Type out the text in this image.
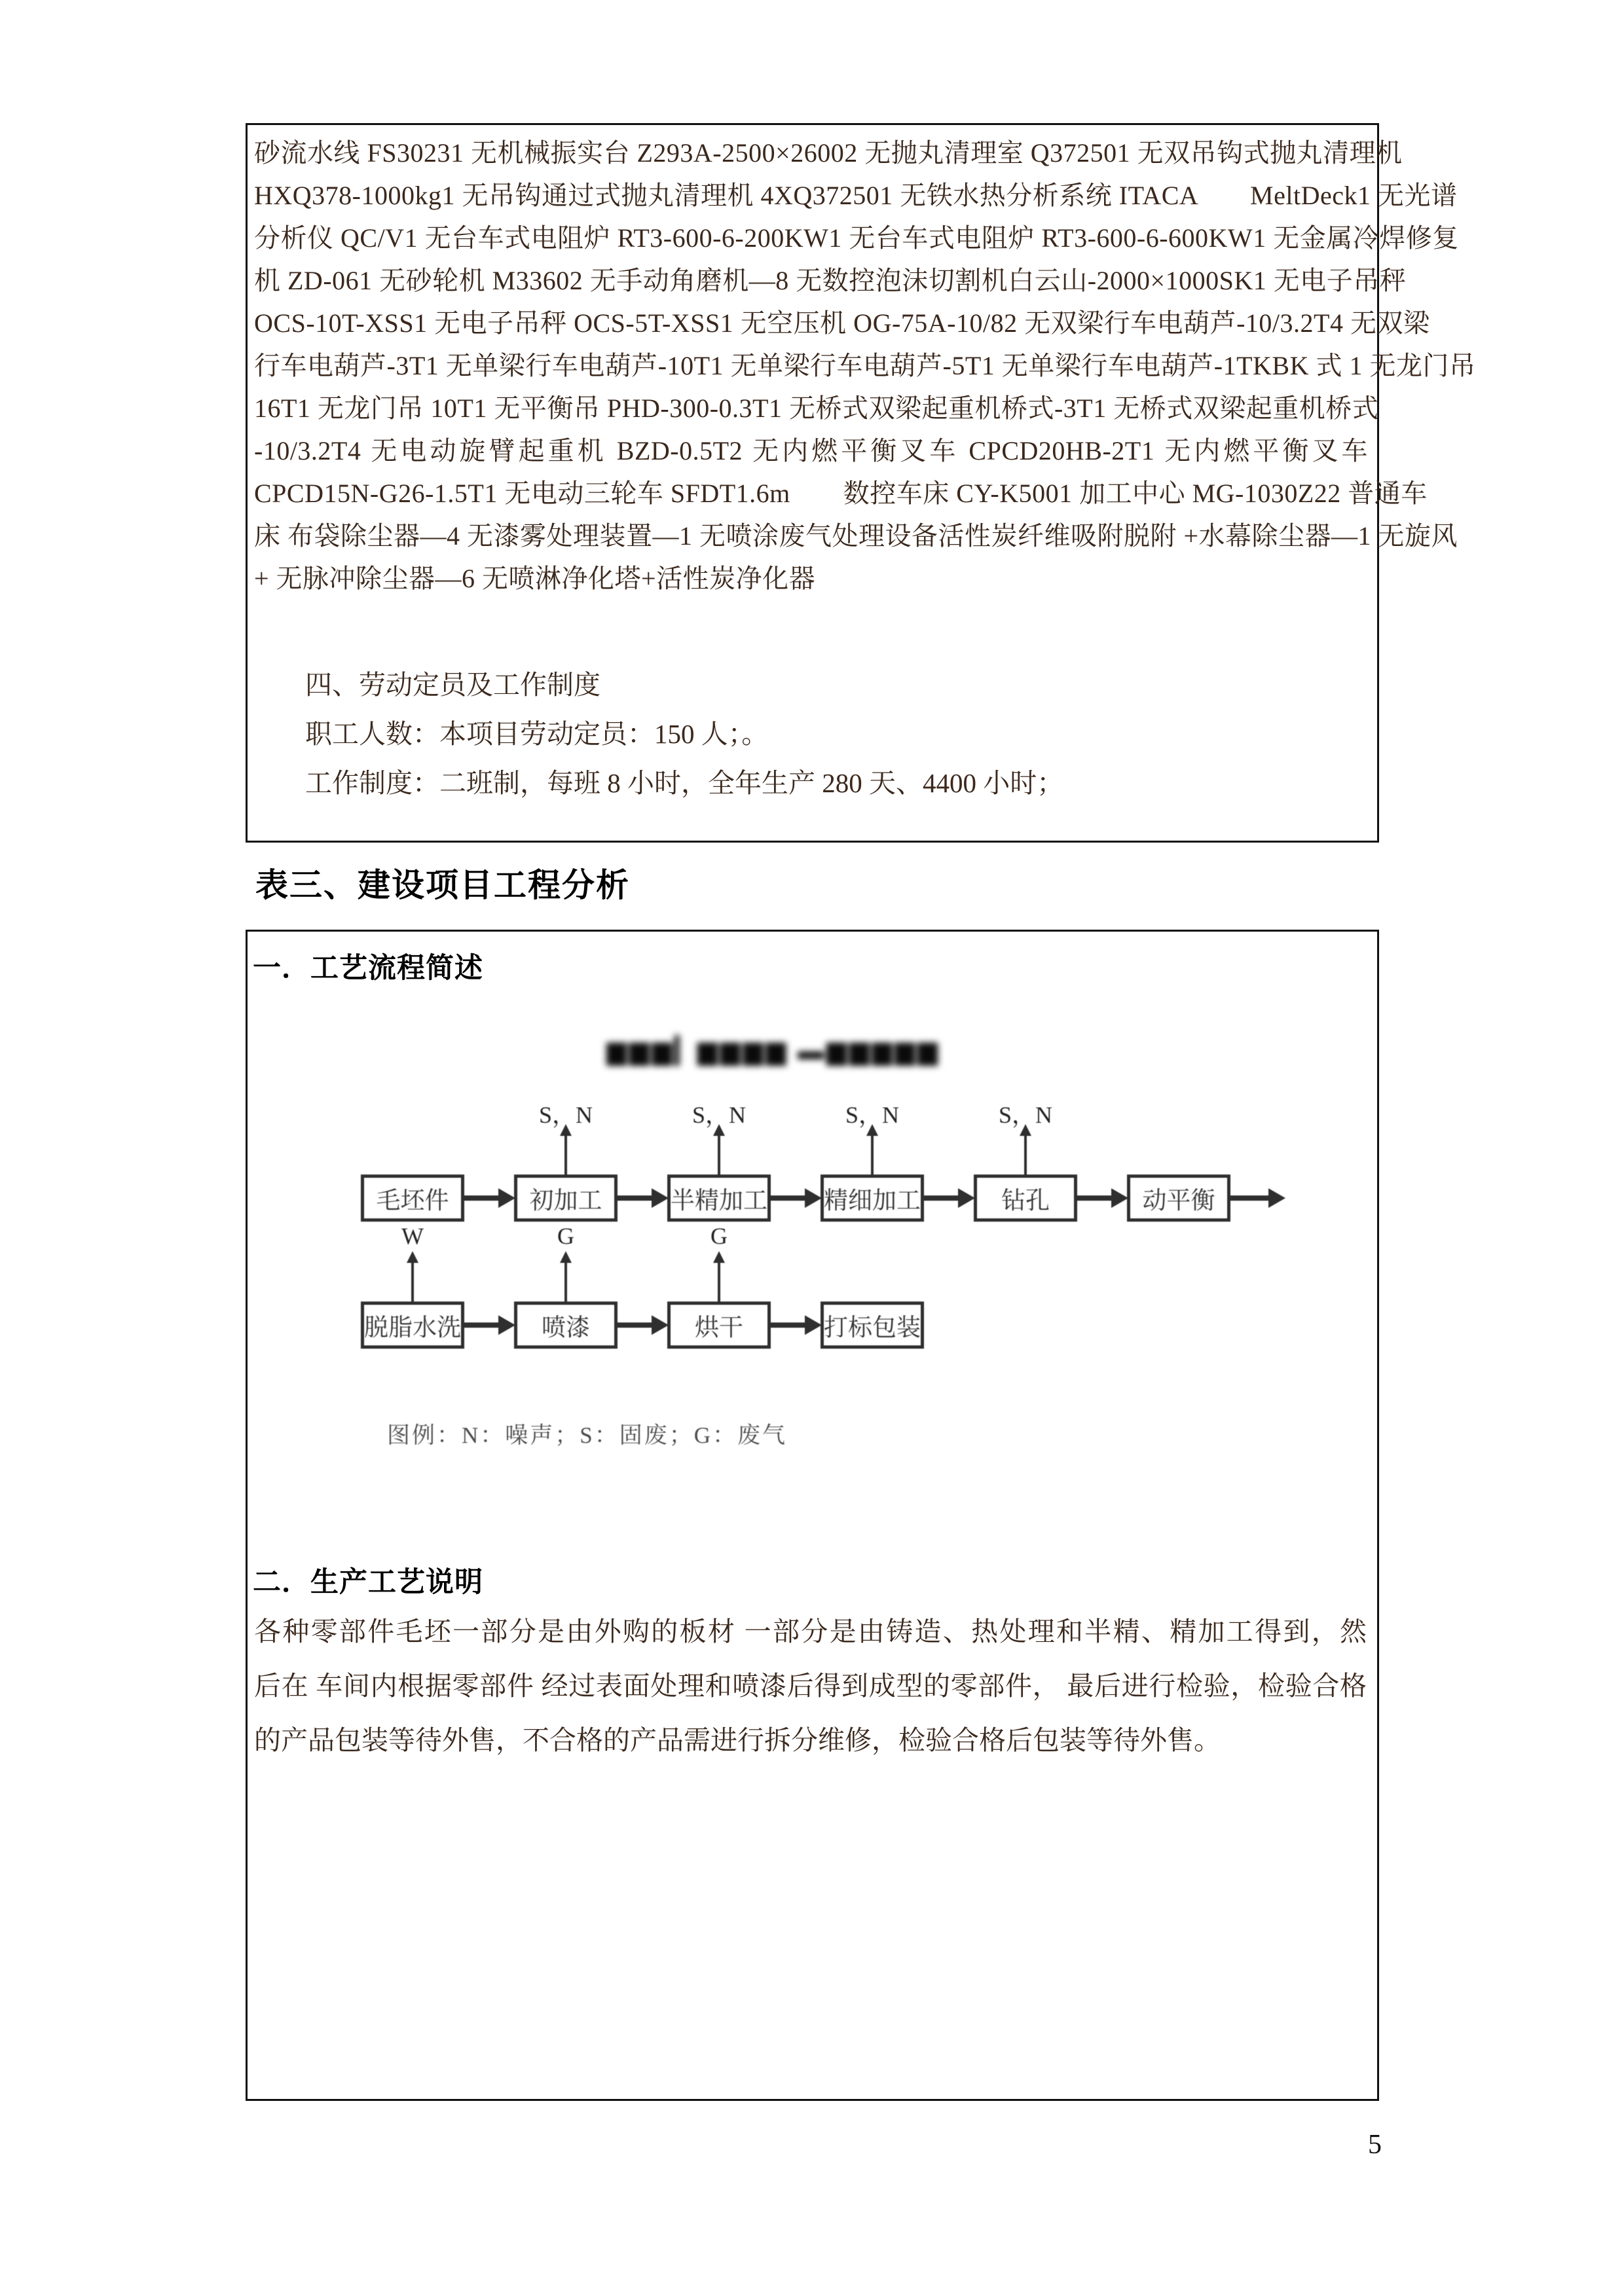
砂流水线 FS30231 无机械振实台 Z293A-2500×26002 无抛丸清理室 Q372501 无双吊钩式抛丸清理机
HXQ378-1000kg1 无吊钩通过式抛丸清理机 4XQ372501 无铁水热分析系统 ITACA　　MeltDeck1 无光谱
分析仪 QC/V1 无台车式电阻炉 RT3-600-6-200KW1 无台车式电阻炉 RT3-600-6-600KW1 无金属冷焊修复
机 ZD-061 无砂轮机 M33602 无手动角磨机—8 无数控泡沫切割机白云山-2000×1000SK1 无电子吊秤
OCS-10T-XSS1 无电子吊秤 OCS-5T-XSS1 无空压机 OG-75A-10/82 无双梁行车电葫芦-10/3.2T4 无双梁
行车电葫芦-3T1 无单梁行车电葫芦-10T1 无单梁行车电葫芦-5T1 无单梁行车电葫芦-1TKBK 式 1 无龙门吊
16T1 无龙门吊 10T1 无平衡吊 PHD-300-0.3T1 无桥式双梁起重机桥式-3T1 无桥式双梁起重机桥式
-10/3.2T4 无电动旋臂起重机 BZD-0.5T2 无内燃平衡叉车 CPCD20HB-2T1 无内燃平衡叉车
CPCD15N-G26-1.5T1 无电动三轮车 SFDT1.6m　　数控车床 CY-K5001 加工中心 MG-1030Z22 普通车
床 布袋除尘器—4 无漆雾处理装置—1 无喷涂废气处理设备活性炭纤维吸附脱附 +水幕除尘器—1 无旋风
+ 无脉冲除尘器—6 无喷淋净化塔+活性炭净化器
四、劳动定员及工作制度
职工人数：本项目劳动定员：150 人；。
工作制度：二班制，每班 8 小时，全年生产 280 天、4400 小时；
表三、建设项目工程分析
一．工艺流程简述
▆▆▆▎▆▆▆▆ ▬▆▆▆▆▆
毛坯件	初加工	半精加工 精细加工	钻孔	动平衡
脱脂水洗	喷漆	烘干	打标包装
S，N	S，N	S，N	S，N
W	G	G
图例：N：噪声；S：固废；G：废气
二．生产工艺说明
各种零部件毛坯一部分是由外购的板材 一部分是由铸造、热处理和半精、精加工得到，然
后在 车间内根据零部件 经过表面处理和喷漆后得到成型的零部件， 最后进行检验，检验合格
的产品包装等待外售，不合格的产品需进行拆分维修，检验合格后包装等待外售。
5
